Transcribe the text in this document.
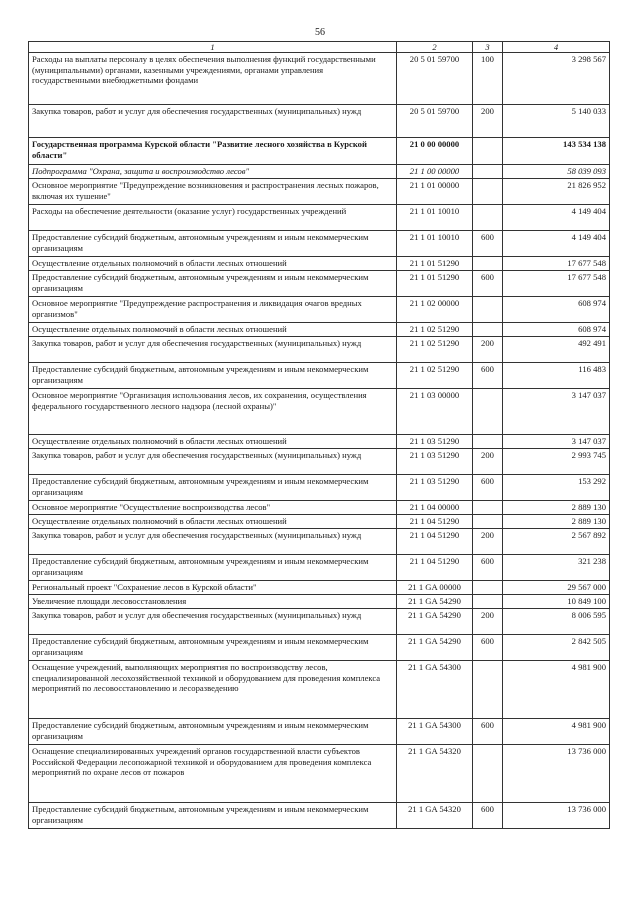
56
1	2	3	4
Расходы на выплаты персоналу в целях обеспечения выполнения функций государственными (муниципальными) органами, казенными учреждениями, органами управления государственными внебюджетными фондами	20 5 01 59700	100	3 298 567
Закупка товаров, работ и услуг для обеспечения государственных (муниципальных) нужд	20 5 01 59700	200	5 140 033
Государственная программа Курской области "Развитие лесного хозяйства в Курской области"	21 0 00 00000		143 534 138
Подпрограмма "Охрана, защита и воспроизводство лесов"	21 1 00 00000		58 039 093
Основное мероприятие "Предупреждение возникновения и распространения лесных пожаров, включая их тушение"	21 1 01 00000		21 826 952
Расходы на обеспечение деятельности (оказание услуг) государственных учреждений	21 1 01 10010		4 149 404
Предоставление субсидий бюджетным, автономным учреждениям и иным некоммерческим организациям	21 1 01 10010	600	4 149 404
Осуществление отдельных полномочий в области лесных отношений	21 1 01 51290		17 677 548
Предоставление субсидий бюджетным, автономным учреждениям и иным некоммерческим организациям	21 1 01 51290	600	17 677 548
Основное мероприятие "Предупреждение распространения и ликвидация очагов вредных организмов"	21 1 02 00000		608 974
Осуществление отдельных полномочий в области лесных отношений	21 1 02 51290		608 974
Закупка товаров, работ и услуг для обеспечения государственных (муниципальных) нужд	21 1 02 51290	200	492 491
Предоставление субсидий бюджетным, автономным учреждениям и иным некоммерческим организациям	21 1 02 51290	600	116 483
Основное мероприятие "Организация использования лесов, их сохранения, осуществления федерального государственного лесного надзора (лесной охраны)"	21 1 03 00000		3 147 037
Осуществление отдельных полномочий в области лесных отношений	21 1 03 51290		3 147 037
Закупка товаров, работ и услуг для обеспечения государственных (муниципальных) нужд	21 1 03 51290	200	2 993 745
Предоставление субсидий бюджетным, автономным учреждениям и иным некоммерческим организациям	21 1 03 51290	600	153 292
Основное мероприятие "Осуществление воспроизводства лесов"	21 1 04 00000		2 889 130
Осуществление отдельных полномочий в области лесных отношений	21 1 04 51290		2 889 130
Закупка товаров, работ и услуг для обеспечения государственных (муниципальных) нужд	21 1 04 51290	200	2 567 892
Предоставление субсидий бюджетным, автономным учреждениям и иным некоммерческим организациям	21 1 04 51290	600	321 238
Региональный проект "Сохранение лесов в Курской области"	21 1 GA 00000		29 567 000
Увеличение площади лесовосстановления	21 1 GA 54290		10 849 100
Закупка товаров, работ и услуг для обеспечения государственных (муниципальных) нужд	21 1 GA 54290	200	8 006 595
Предоставление субсидий бюджетным, автономным учреждениям и иным некоммерческим организациям	21 1 GA 54290	600	2 842 505
Оснащение учреждений, выполняющих мероприятия по воспроизводству лесов, специализированной лесохозяйственной техникой и оборудованием для проведения комплекса мероприятий по лесовосстановлению и лесоразведению	21 1 GA 54300		4 981 900
Предоставление субсидий бюджетным, автономным учреждениям и иным некоммерческим организациям	21 1 GA 54300	600	4 981 900
Оснащение специализированных учреждений органов государственной власти субъектов Российской Федерации лесопожарной техникой и оборудованием для проведения комплекса мероприятий по охране лесов от пожаров	21 1 GA 54320		13 736 000
Предоставление субсидий бюджетным, автономным учреждениям и иным некоммерческим организациям	21 1 GA 54320	600	13 736 000
